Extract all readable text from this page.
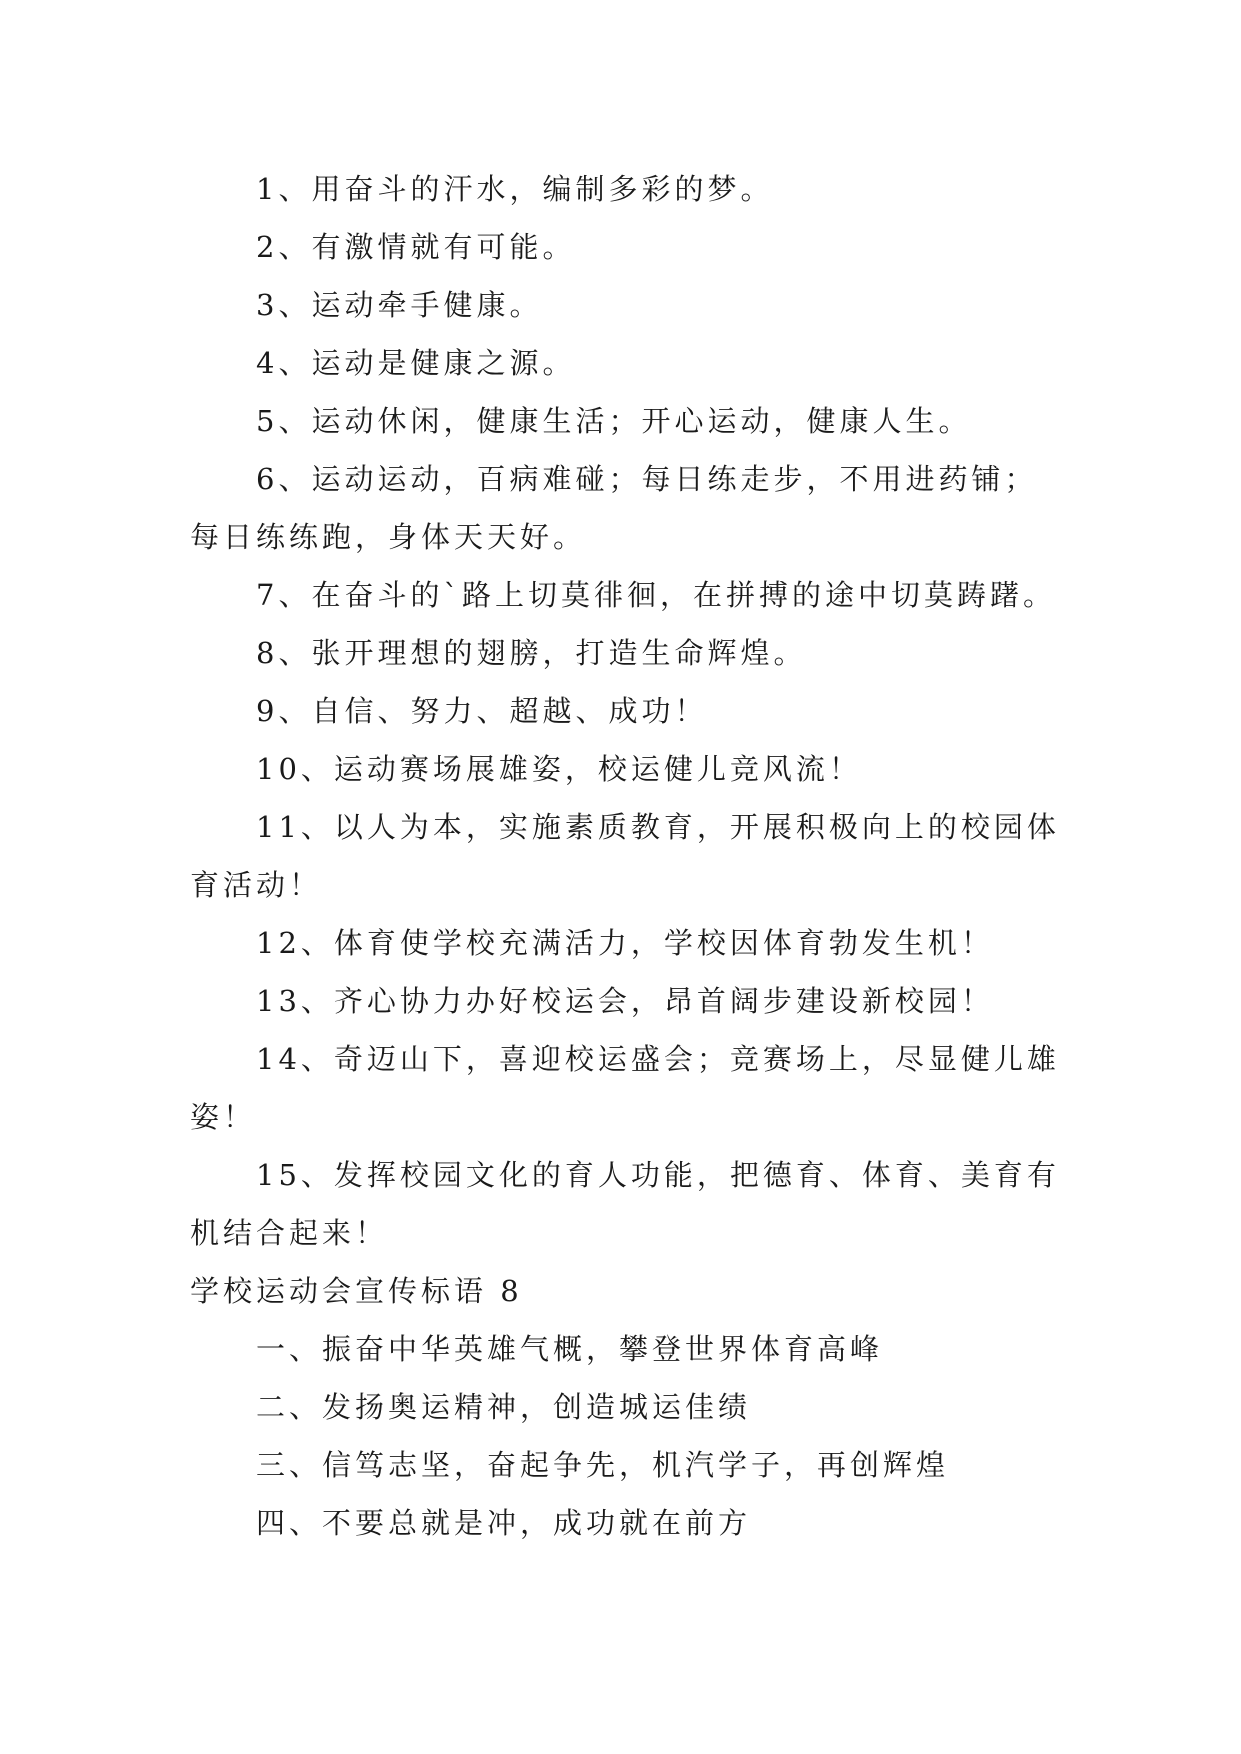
1、用奋斗的汗水，编制多彩的梦。

2、有激情就有可能。

3、运动牵手健康。

4、运动是健康之源。

5、运动休闲，健康生活；开心运动，健康人生。

6、运动运动，百病难碰；每日练走步，不用进药铺；每日练练跑，身体天天好。

7、在奋斗的`路上切莫徘徊，在拼搏的途中切莫踌躇。

8、张开理想的翅膀，打造生命辉煌。

9、自信、努力、超越、成功！

10、运动赛场展雄姿，校运健儿竞风流！

11、以人为本，实施素质教育，开展积极向上的校园体育活动！

12、体育使学校充满活力，学校因体育勃发生机！

13、齐心协力办好校运会，昂首阔步建设新校园！

14、奇迈山下，喜迎校运盛会；竞赛场上，尽显健儿雄姿！

15、发挥校园文化的育人功能，把德育、体育、美育有机结合起来！

学校运动会宣传标语 8

一、振奋中华英雄气概，攀登世界体育高峰

二、发扬奥运精神，创造城运佳绩

三、信笃志坚，奋起争先，机汽学子，再创辉煌

四、不要总就是冲，成功就在前方
